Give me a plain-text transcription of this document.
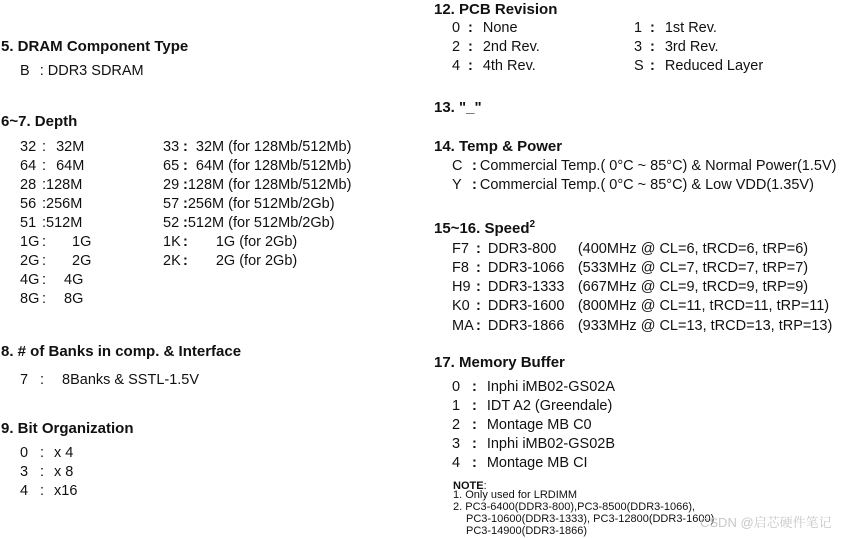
5. DRAM Component Type
B : DDR3 SDRAM
6~7. Depth
32 : 32M
64 : 64M
28 :128M
56 :256M
51 :512M
1G : 1G
2G : 2G
4G : 4G
8G : 8G
33 : 32M (for 128Mb/512Mb)
65 : 64M (for 128Mb/512Mb)
29 :128M (for 128Mb/512Mb)
57 :256M (for 512Mb/2Gb)
52 :512M (for 512Mb/2Gb)
1K : 1G (for 2Gb)
2K : 2G (for 2Gb)
8. # of Banks in comp. & Interface
7 : 8Banks & SSTL-1.5V
9. Bit Organization
0 : x 4
3 : x 8
4 : x16
12. PCB Revision
0 : None
2 : 2nd Rev.
4 : 4th Rev.
1 : 1st Rev.
3 : 3rd Rev.
S : Reduced Layer
13. "_"
14. Temp & Power
C : Commercial Temp.( 0°C ~ 85°C) & Normal Power(1.5V)
Y : Commercial Temp.( 0°C ~ 85°C) & Low VDD(1.35V)
15~16. Speed$^2$
F7 : DDR3-800 (400MHz @ CL=6, tRCD=6, tRP=6)
F8 : DDR3-1066 (533MHz @ CL=7, tRCD=7, tRP=7)
H9 : DDR3-1333 (667MHz @ CL=9, tRCD=9, tRP=9)
K0 : DDR3-1600 (800MHz @ CL=11, tRCD=11, tRP=11)
MA : DDR3-1866 (933MHz @ CL=13, tRCD=13, tRP=13)
17. Memory Buffer
0 : Inphi iMB02-GS02A
1 : IDT A2 (Greendale)
2 : Montage MB C0
3 : Inphi iMB02-GS02B
4 : Montage MB CI
NOTE:
1. Only used for LRDIMM
2. PC3-6400(DDR3-800),PC3-8500(DDR3-1066),
PC3-10600(DDR3-1333), PC3-12800(DDR3-1600)
PC3-14900(DDR3-1866)
CSDN @启芯硬件笔记
